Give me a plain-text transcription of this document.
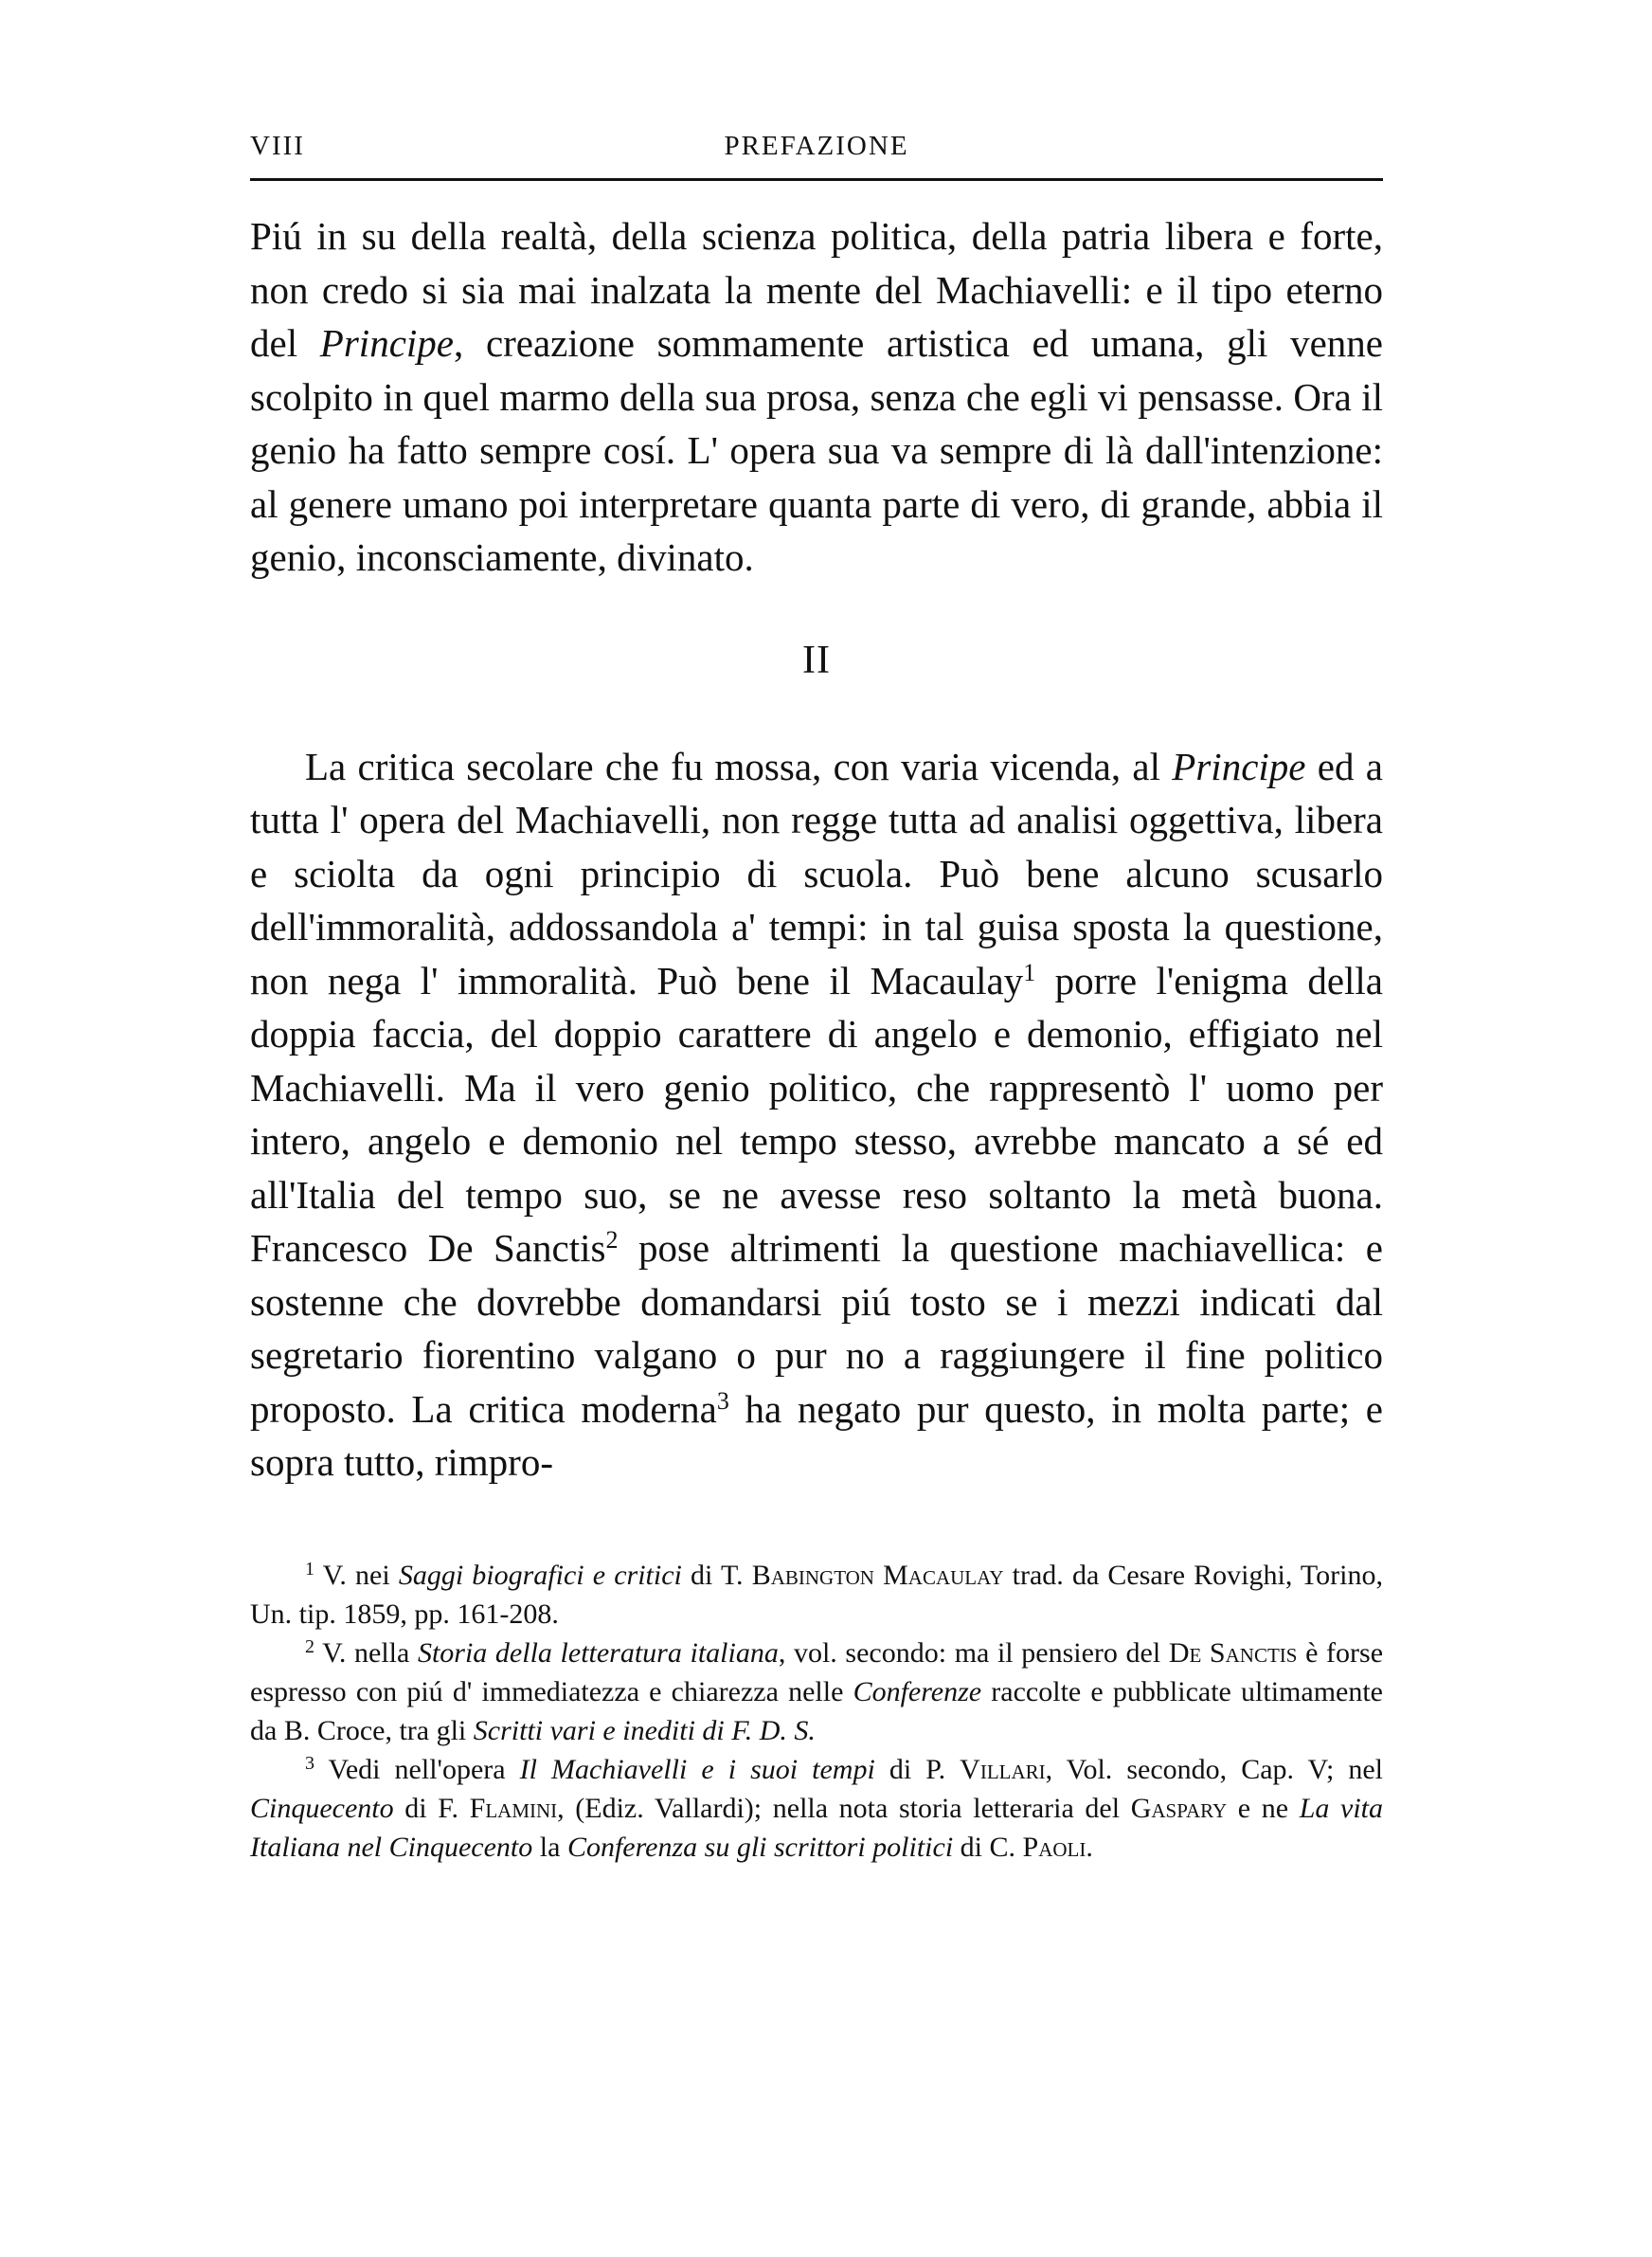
VIII	PREFAZIONE

Piú in su della realtà, della scienza politica, della patria libera e forte, non credo si sia mai inalzata la mente del Machiavelli: e il tipo eterno del Principe, creazione sommamente artistica ed umana, gli venne scolpito in quel marmo della sua prosa, senza che egli vi pensasse. Ora il genio ha fatto sempre cosí. L' opera sua va sempre di là dall'intenzione: al genere umano poi interpretare quanta parte di vero, di grande, abbia il genio, inconsciamente, divinato.

II

La critica secolare che fu mossa, con varia vicenda, al Principe ed a tutta l' opera del Machiavelli, non regge tutta ad analisi oggettiva, libera e sciolta da ogni principio di scuola. Può bene alcuno scusarlo dell'immoralità, addossandola a' tempi: in tal guisa sposta la questione, non nega l' immoralità. Può bene il Macaulay$^1$ porre l'enigma della doppia faccia, del doppio carattere di angelo e demonio, effigiato nel Machiavelli. Ma il vero genio politico, che rappresentò l' uomo per intero, angelo e demonio nel tempo stesso, avrebbe mancato a sé ed all'Italia del tempo suo, se ne avesse reso soltanto la metà buona. Francesco De Sanctis$^2$ pose altrimenti la questione machiavellica: e sostenne che dovrebbe domandarsi piú tosto se i mezzi indicati dal segretario fiorentino valgano o pur no a raggiungere il fine politico proposto. La critica moderna$^3$ ha negato pur questo, in molta parte; e sopra tutto, rimpro-

$^1$ V. nei Saggi biografici e critici di T. Babington Macaulay trad. da Cesare Rovighi, Torino, Un. tip. 1859, pp. 161-208.

$^2$ V. nella Storia della letteratura italiana, vol. secondo: ma il pensiero del De Sanctis è forse espresso con piú d' immediatezza e chiarezza nelle Conferenze raccolte e pubblicate ultimamente da B. Croce, tra gli Scritti vari e inediti di F. D. S.

$^3$ Vedi nell'opera Il Machiavelli e i suoi tempi di P. Villari, Vol. secondo, Cap. V; nel Cinquecento di F. Flamini, (Ediz. Vallardi); nella nota storia letteraria del Gaspary e ne La vita Italiana nel Cinquecento la Conferenza su gli scrittori politici di C. Paoli.
